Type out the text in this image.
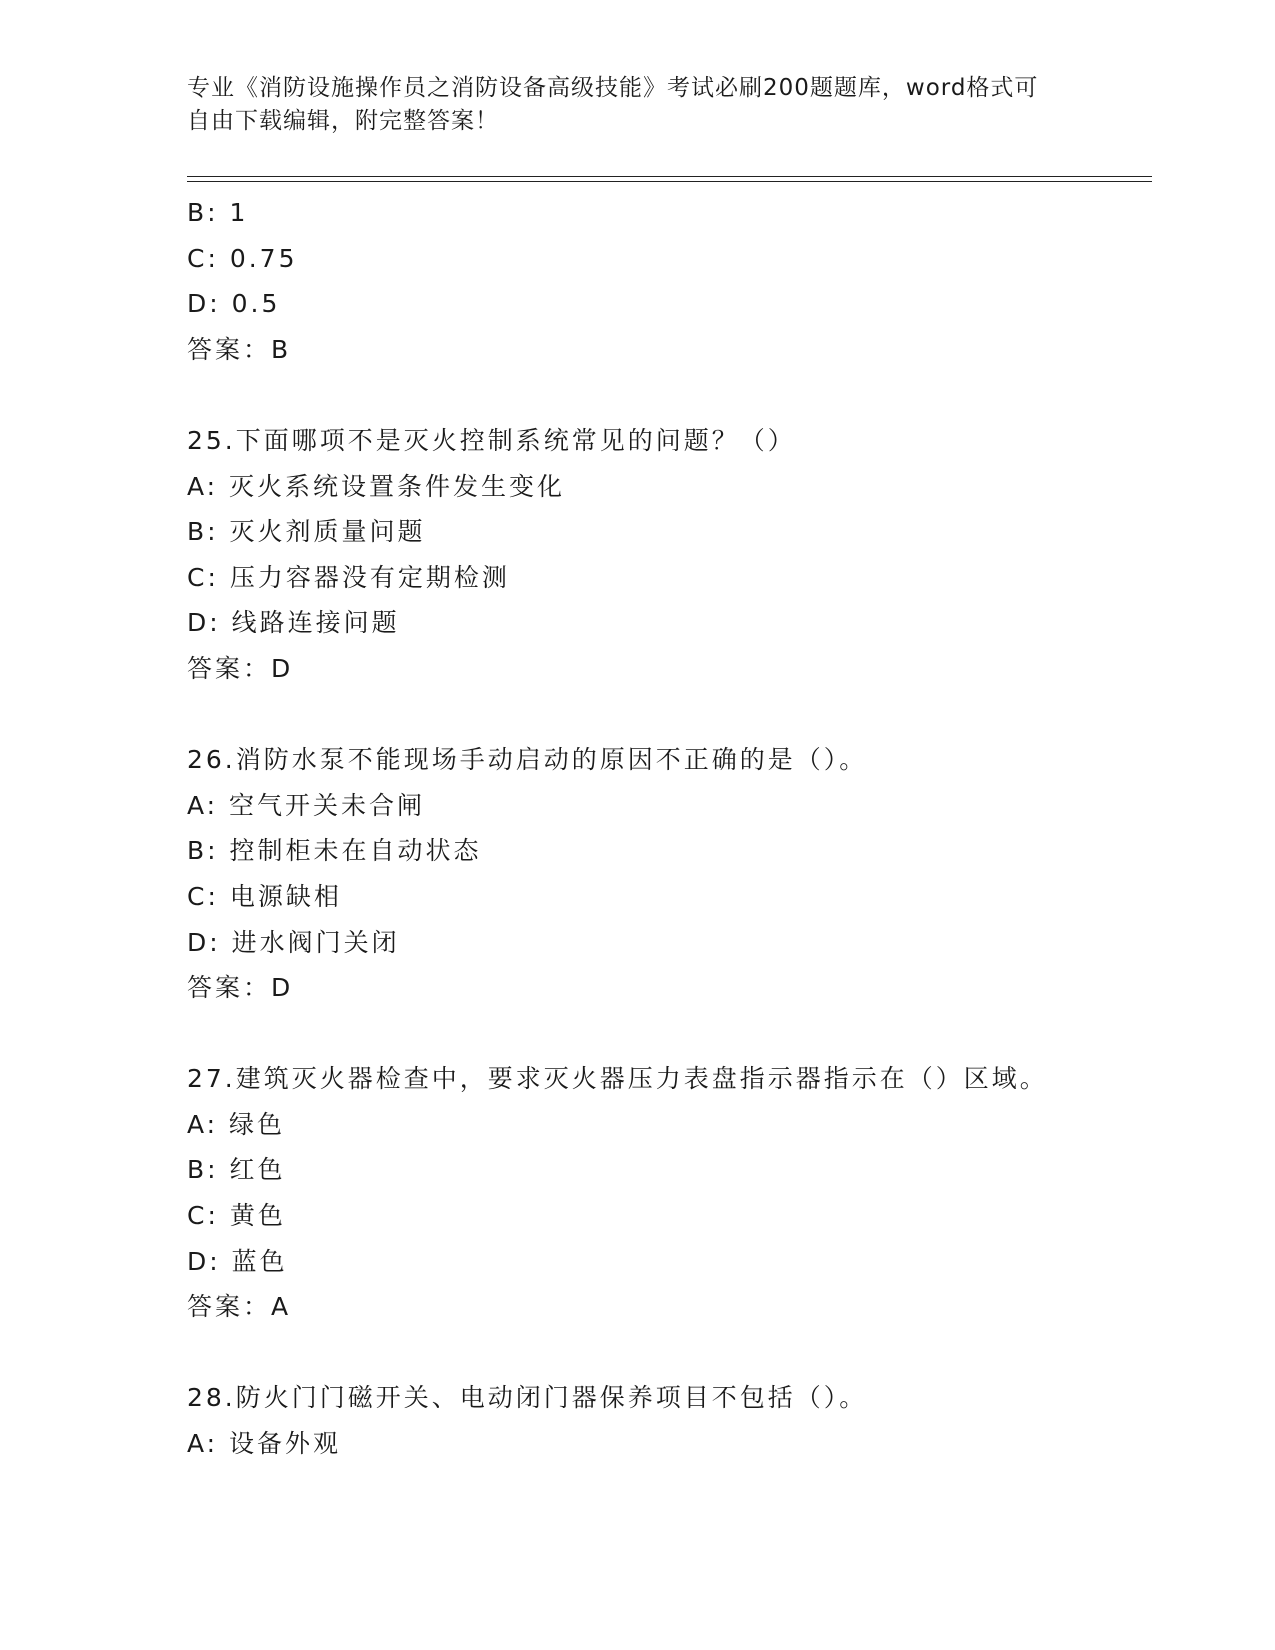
专业《消防设施操作员之消防设备高级技能》考试必刷200题题库，word格式可
自由下载编辑，附完整答案！
B: 1
C: 0.75
D: 0.5
答案：B
25.下面哪项不是灭火控制系统常见的问题？（）
A: 灭火系统设置条件发生变化
B: 灭火剂质量问题
C: 压力容器没有定期检测
D: 线路连接问题
答案：D
26.消防水泵不能现场手动启动的原因不正确的是（）。
A: 空气开关未合闸
B: 控制柜未在自动状态
C: 电源缺相
D: 进水阀门关闭
答案：D
27.建筑灭火器检查中，要求灭火器压力表盘指示器指示在（）区域。
A: 绿色
B: 红色
C: 黄色
D: 蓝色
答案：A
28.防火门门磁开关、电动闭门器保养项目不包括（）。
A: 设备外观
